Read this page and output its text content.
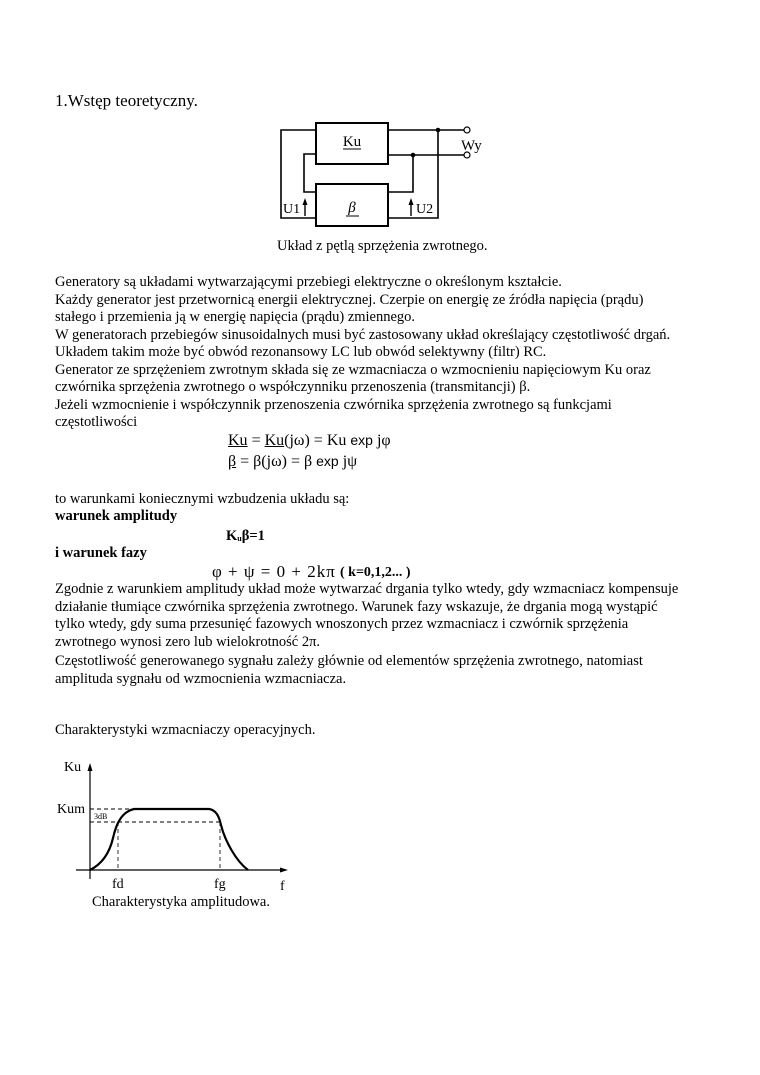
1.Wstęp teoretyczny.
Ku
β
Wy
U1	U2
Układ z pętlą sprzężenia zwrotnego.
Generatory są układami wytwarzającymi przebiegi elektryczne o określonym kształcie.
Każdy generator jest przetwornicą energii elektrycznej. Czerpie on energię ze źródła napięcia (prądu)
stałego i przemienia ją w energię napięcia (prądu) zmiennego.
W generatorach przebiegów sinusoidalnych musi być zastosowany układ określający częstotliwość drgań.
Układem takim może być obwód rezonansowy LC lub obwód selektywny (filtr) RC.
Generator ze sprzężeniem zwrotnym składa się ze wzmacniacza o wzmocnieniu napięciowym Ku oraz
czwórnika sprzężenia zwrotnego o współczynniku przenoszenia (transmitancji) β.
Jeżeli wzmocnienie i współczynnik przenoszenia czwórnika sprzężenia zwrotnego są funkcjami
częstotliwości
Ku = Ku(jω) = Ku exp jφ
β = β(jω) = β exp jψ
to warunkami koniecznymi wzbudzenia układu są:
warunek amplitudy
$K_u\beta=1$
i warunek fazy
φ + ψ = 0 + 2kπ ( k=0,1,2... )
Zgodnie z warunkiem amplitudy układ może wytwarzać drgania tylko wtedy, gdy wzmacniacz kompensuje
działanie tłumiące czwórnika sprzężenia zwrotnego. Warunek fazy wskazuje, że drgania mogą wystąpić
tylko wtedy, gdy suma przesunięć fazowych wnoszonych przez wzmacniacz i czwórnik sprzężenia
zwrotnego wynosi zero lub wielokrotność 2π.
Częstotliwość generowanego sygnału zależy głównie od elementów sprzężenia zwrotnego, natomiast
amplituda sygnału od wzmocnienia wzmacniacza.
Charakterystyki wzmacniaczy operacyjnych.
Ku
Kum 3dB
fd	fg	f
Charakterystyka amplitudowa.
